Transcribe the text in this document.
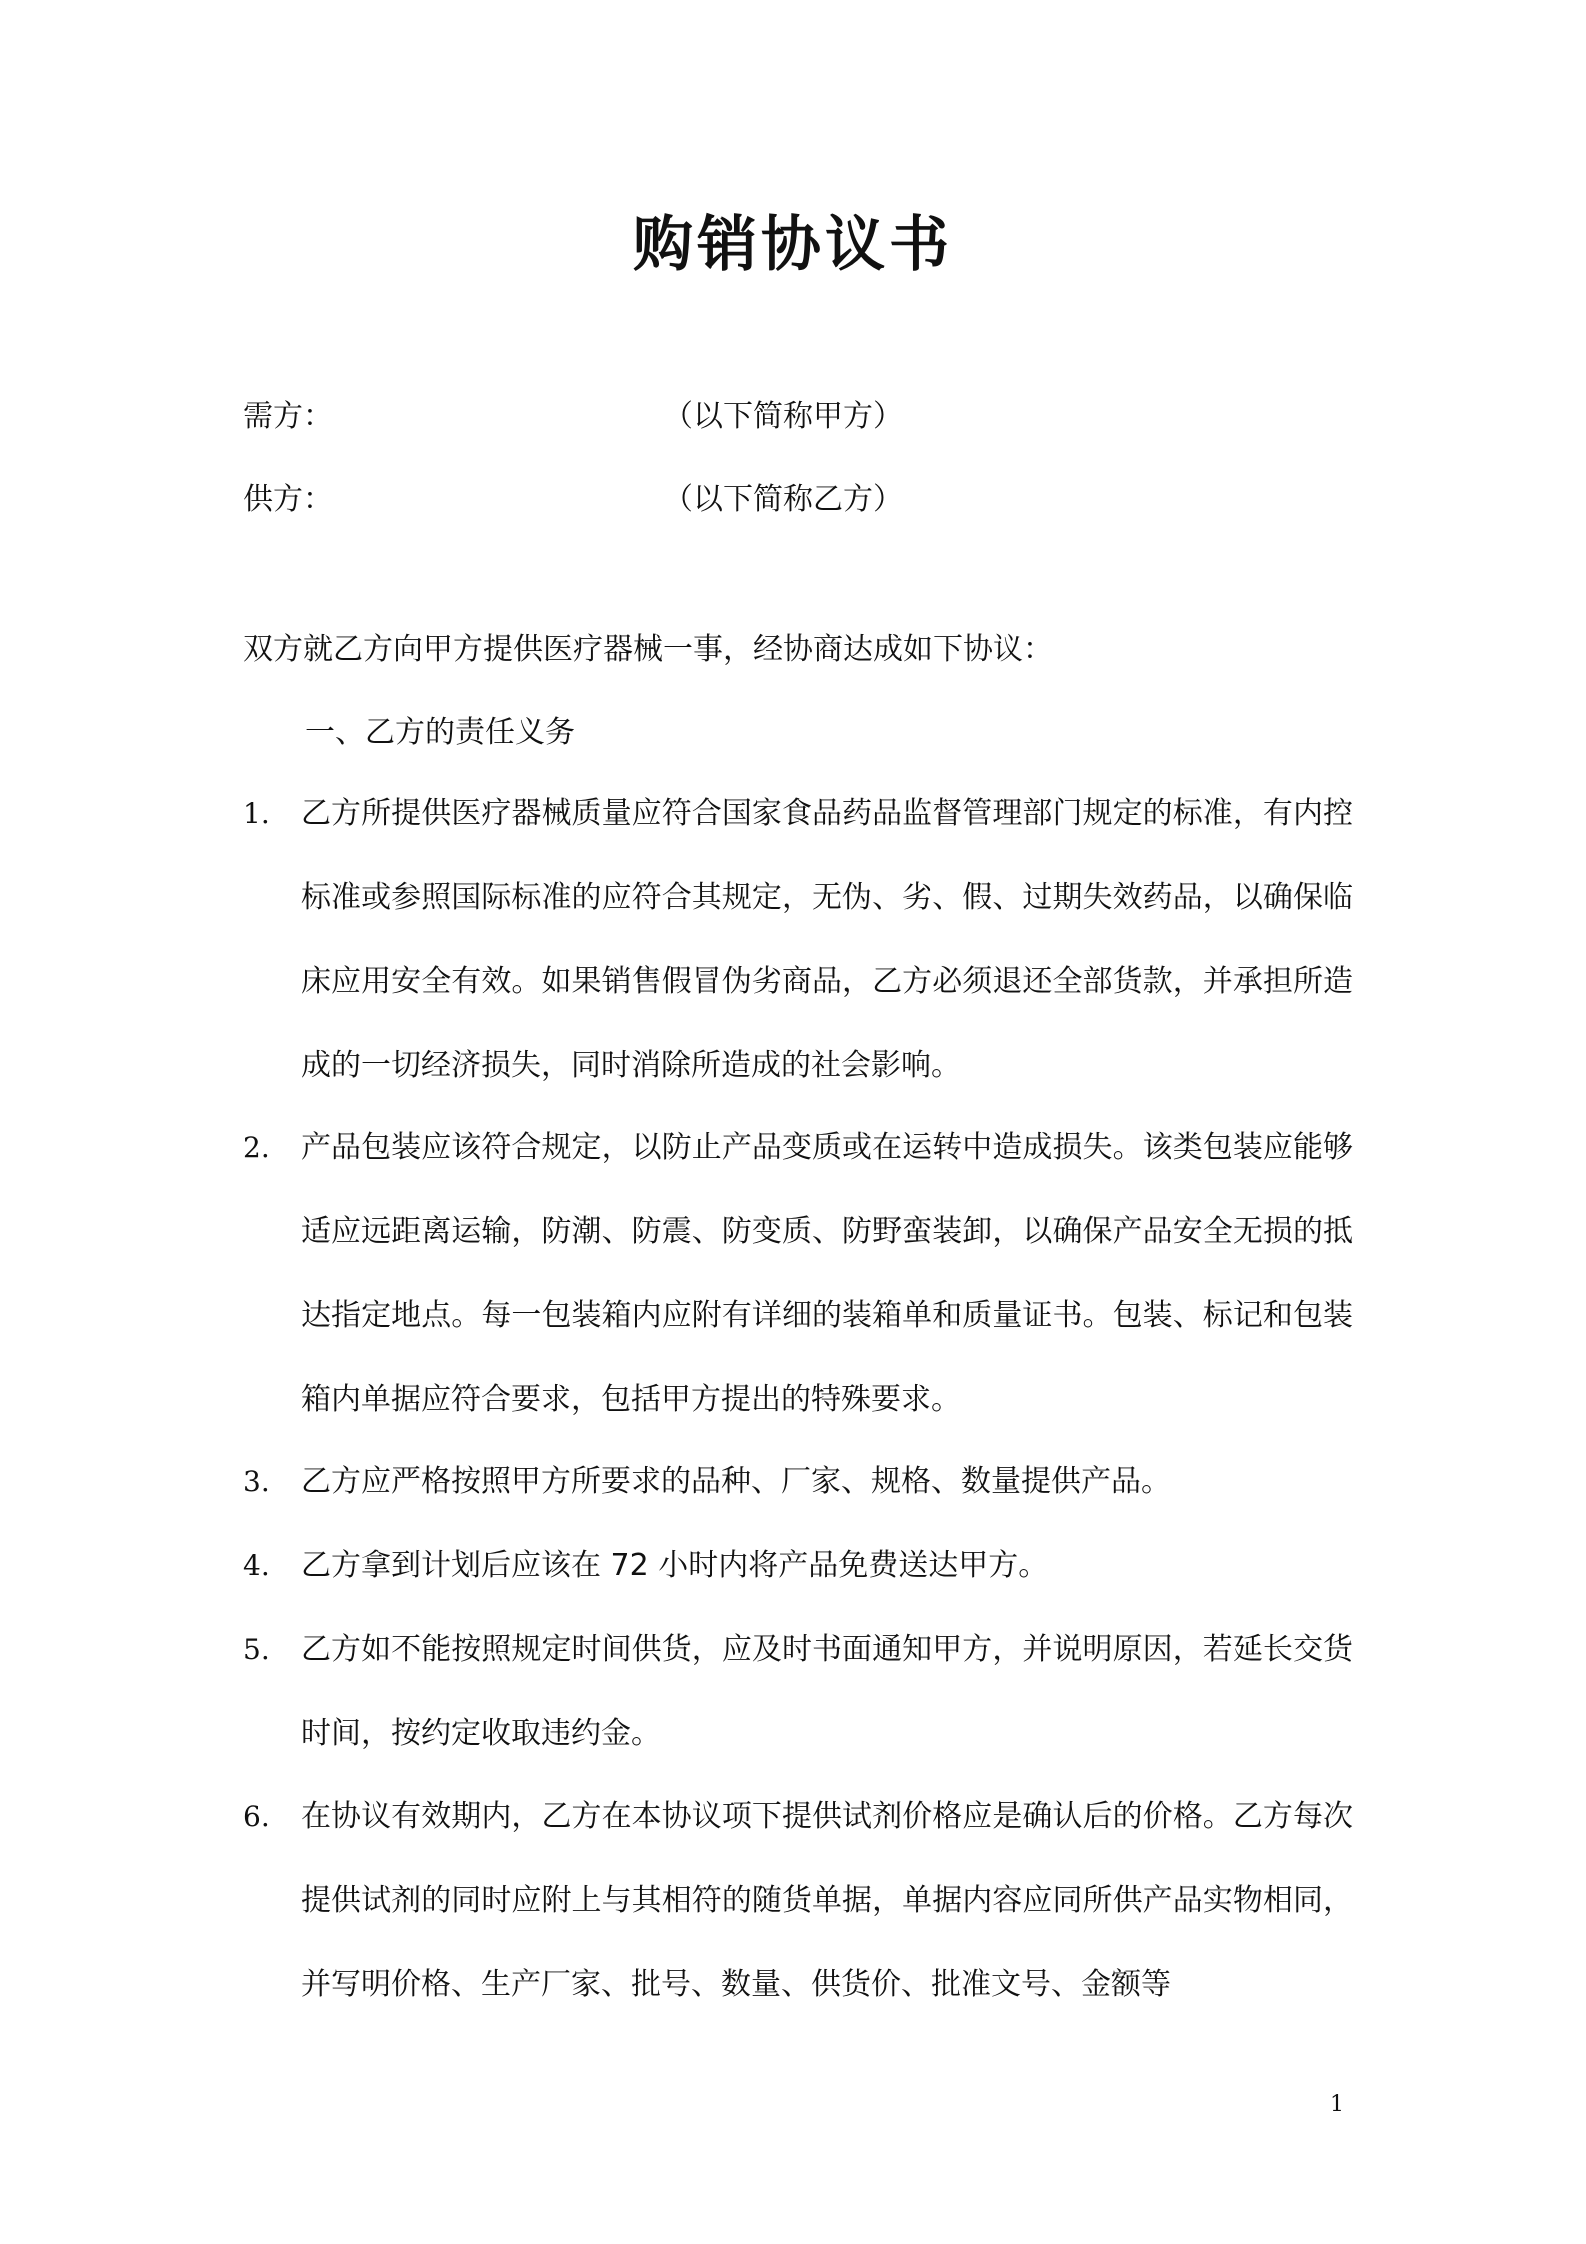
购销协议书
需方：	（以下简称甲方）
供方：	（以下简称乙方）
双方就乙方向甲方提供医疗器械一事，经协商达成如下协议：
一、乙方的责任义务
1.	乙方所提供医疗器械质量应符合国家食品药品监督管理部门规定的标准，有内控标准或参照国际标准的应符合其规定，无伪、劣、假、过期失效药品，以确保临床应用安全有效。如果销售假冒伪劣商品，乙方必须退还全部货款，并承担所造成的一切经济损失，同时消除所造成的社会影响。
2.	产品包装应该符合规定，以防止产品变质或在运转中造成损失。该类包装应能够适应远距离运输，防潮、防震、防变质、防野蛮装卸，以确保产品安全无损的抵达指定地点。每一包装箱内应附有详细的装箱单和质量证书。包装、标记和包装箱内单据应符合要求，包括甲方提出的特殊要求。
3.	乙方应严格按照甲方所要求的品种、厂家、规格、数量提供产品。
4.	乙方拿到计划后应该在 72 小时内将产品免费送达甲方。
5.	乙方如不能按照规定时间供货，应及时书面通知甲方，并说明原因，若延长交货时间，按约定收取违约金。
6.	在协议有效期内，乙方在本协议项下提供试剂价格应是确认后的价格。乙方每次提供试剂的同时应附上与其相符的随货单据，单据内容应同所供产品实物相同，并写明价格、生产厂家、批号、数量、供货价、批准文号、金额等
1
